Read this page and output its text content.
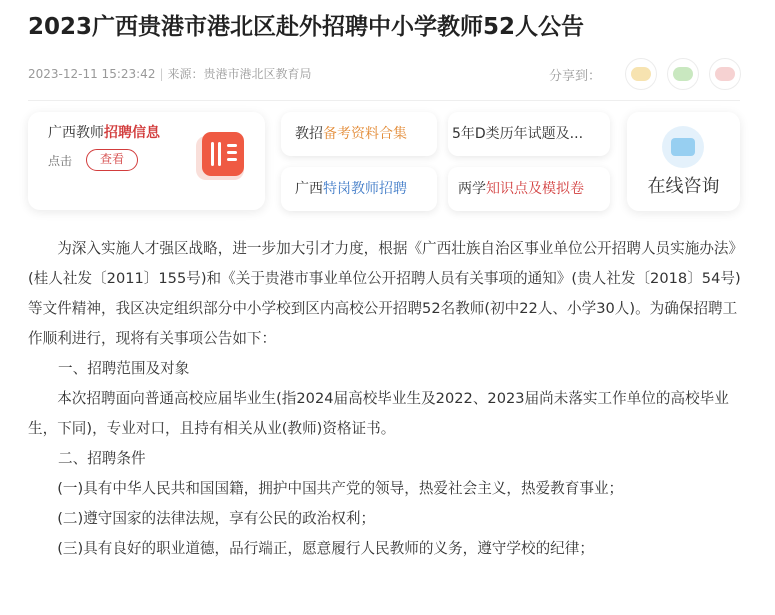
2023广西贵港市港北区赴外招聘中小学教师52人公告
2023-12-11 15:23:42 | 来源：贵港市港北区教育局	分享到：
广西教师招聘信息
点击	查看
教招备考资料合集	5年D类历年试题及...
广西特岗教师招聘	两学知识点及模拟卷	在线咨询

为深入实施人才强区战略，进一步加大引才力度，根据《广西壮族自治区事业单位公开招聘人员实施办法》(桂人社发〔2011〕155号)和《关于贵港市事业单位公开招聘人员有关事项的通知》(贵人社发〔2018〕54号)等文件精神，我区决定组织部分中小学校到区内高校公开招聘52名教师(初中22人、小学30人)。为确保招聘工作顺利进行，现将有关事项公告如下：

一、招聘范围及对象

本次招聘面向普通高校应届毕业生(指2024届高校毕业生及2022、2023届尚未落实工作单位的高校毕业生，下同)，专业对口，且持有相关从业(教师)资格证书。

二、招聘条件

(一)具有中华人民共和国国籍，拥护中国共产党的领导，热爱社会主义，热爱教育事业；

(二)遵守国家的法律法规，享有公民的政治权利；

(三)具有良好的职业道德，品行端正，愿意履行人民教师的义务，遵守学校的纪律；
